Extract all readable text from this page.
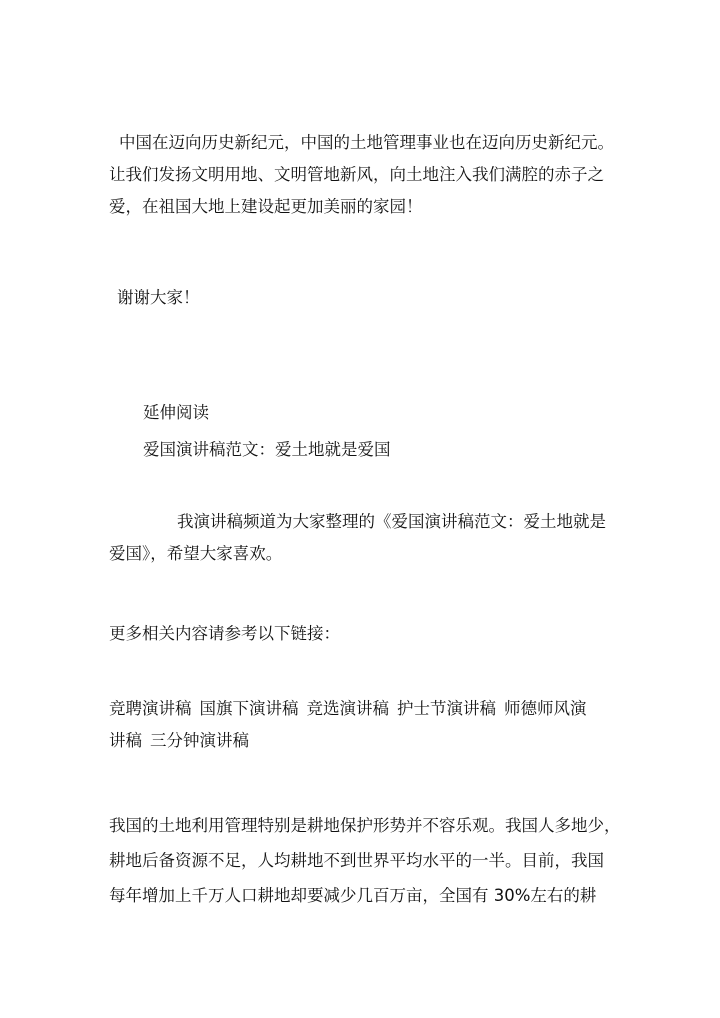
中国在迈向历史新纪元，中国的土地管理事业也在迈向历史新纪元。
让我们发扬文明用地、文明管地新风，向土地注入我们满腔的赤子之
爱，在祖国大地上建设起更加美丽的家园！

谢谢大家！

延伸阅读
爱国演讲稿范文：爱土地就是爱国

我演讲稿频道为大家整理的《爱国演讲稿范文：爱土地就是
爱国》，希望大家喜欢。

更多相关内容请参考以下链接：

竞聘演讲稿 国旗下演讲稿 竞选演讲稿 护士节演讲稿 师德师风演
讲稿 三分钟演讲稿

我国的土地利用管理特别是耕地保护形势并不容乐观。我国人多地少，
耕地后备资源不足，人均耕地不到世界平均水平的一半。目前，我国
每年增加上千万人口耕地却要减少几百万亩，全国有 30%左右的耕
